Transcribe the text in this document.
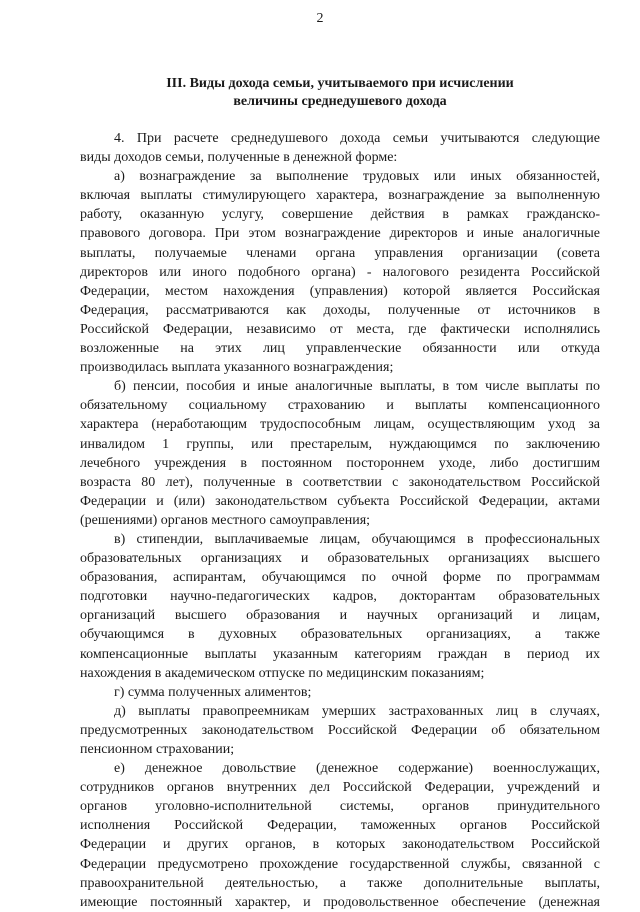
2
III. Виды дохода семьи, учитываемого при исчислении
величины среднедушевого дохода
4. При расчете среднедушевого дохода семьи учитываются следующие
виды доходов семьи, полученные в денежной форме:
а) вознаграждение за выполнение трудовых или иных обязанностей,
включая выплаты стимулирующего характера, вознаграждение за выполненную
работу, оказанную услугу, совершение действия в рамках гражданско-
правового договора. При этом вознаграждение директоров и иные аналогичные
выплаты, получаемые членами органа управления организации (совета
директоров или иного подобного органа) - налогового резидента Российской
Федерации, местом нахождения (управления) которой является Российская
Федерация, рассматриваются как доходы, полученные от источников в
Российской Федерации, независимо от места, где фактически исполнялись
возложенные на этих лиц управленческие обязанности или откуда
производилась выплата указанного вознаграждения;
б) пенсии, пособия и иные аналогичные выплаты, в том числе выплаты по
обязательному социальному страхованию и выплаты компенсационного
характера (неработающим трудоспособным лицам, осуществляющим уход за
инвалидом 1 группы, или престарелым, нуждающимся по заключению
лечебного учреждения в постоянном постороннем уходе, либо достигшим
возраста 80 лет), полученные в соответствии с законодательством Российской
Федерации и (или) законодательством субъекта Российской Федерации, актами
(решениями) органов местного самоуправления;
в) стипендии, выплачиваемые лицам, обучающимся в профессиональных
образовательных организациях и образовательных организациях высшего
образования, аспирантам, обучающимся по очной форме по программам
подготовки научно-педагогических кадров, докторантам образовательных
организаций высшего образования и научных организаций и лицам,
обучающимся в духовных образовательных организациях, а также
компенсационные выплаты указанным категориям граждан в период их
нахождения в академическом отпуске по медицинским показаниям;
г) сумма полученных алиментов;
д) выплаты правопреемникам умерших застрахованных лиц в случаях,
предусмотренных законодательством Российской Федерации об обязательном
пенсионном страховании;
е) денежное довольствие (денежное содержание) военнослужащих,
сотрудников органов внутренних дел Российской Федерации, учреждений и
органов уголовно-исполнительной системы, органов принудительного
исполнения Российской Федерации, таможенных органов Российской
Федерации и других органов, в которых законодательством Российской
Федерации предусмотрено прохождение государственной службы, связанной с
правоохранительной деятельностью, а также дополнительные выплаты,
имеющие постоянный характер, и продовольственное обеспечение (денежная
